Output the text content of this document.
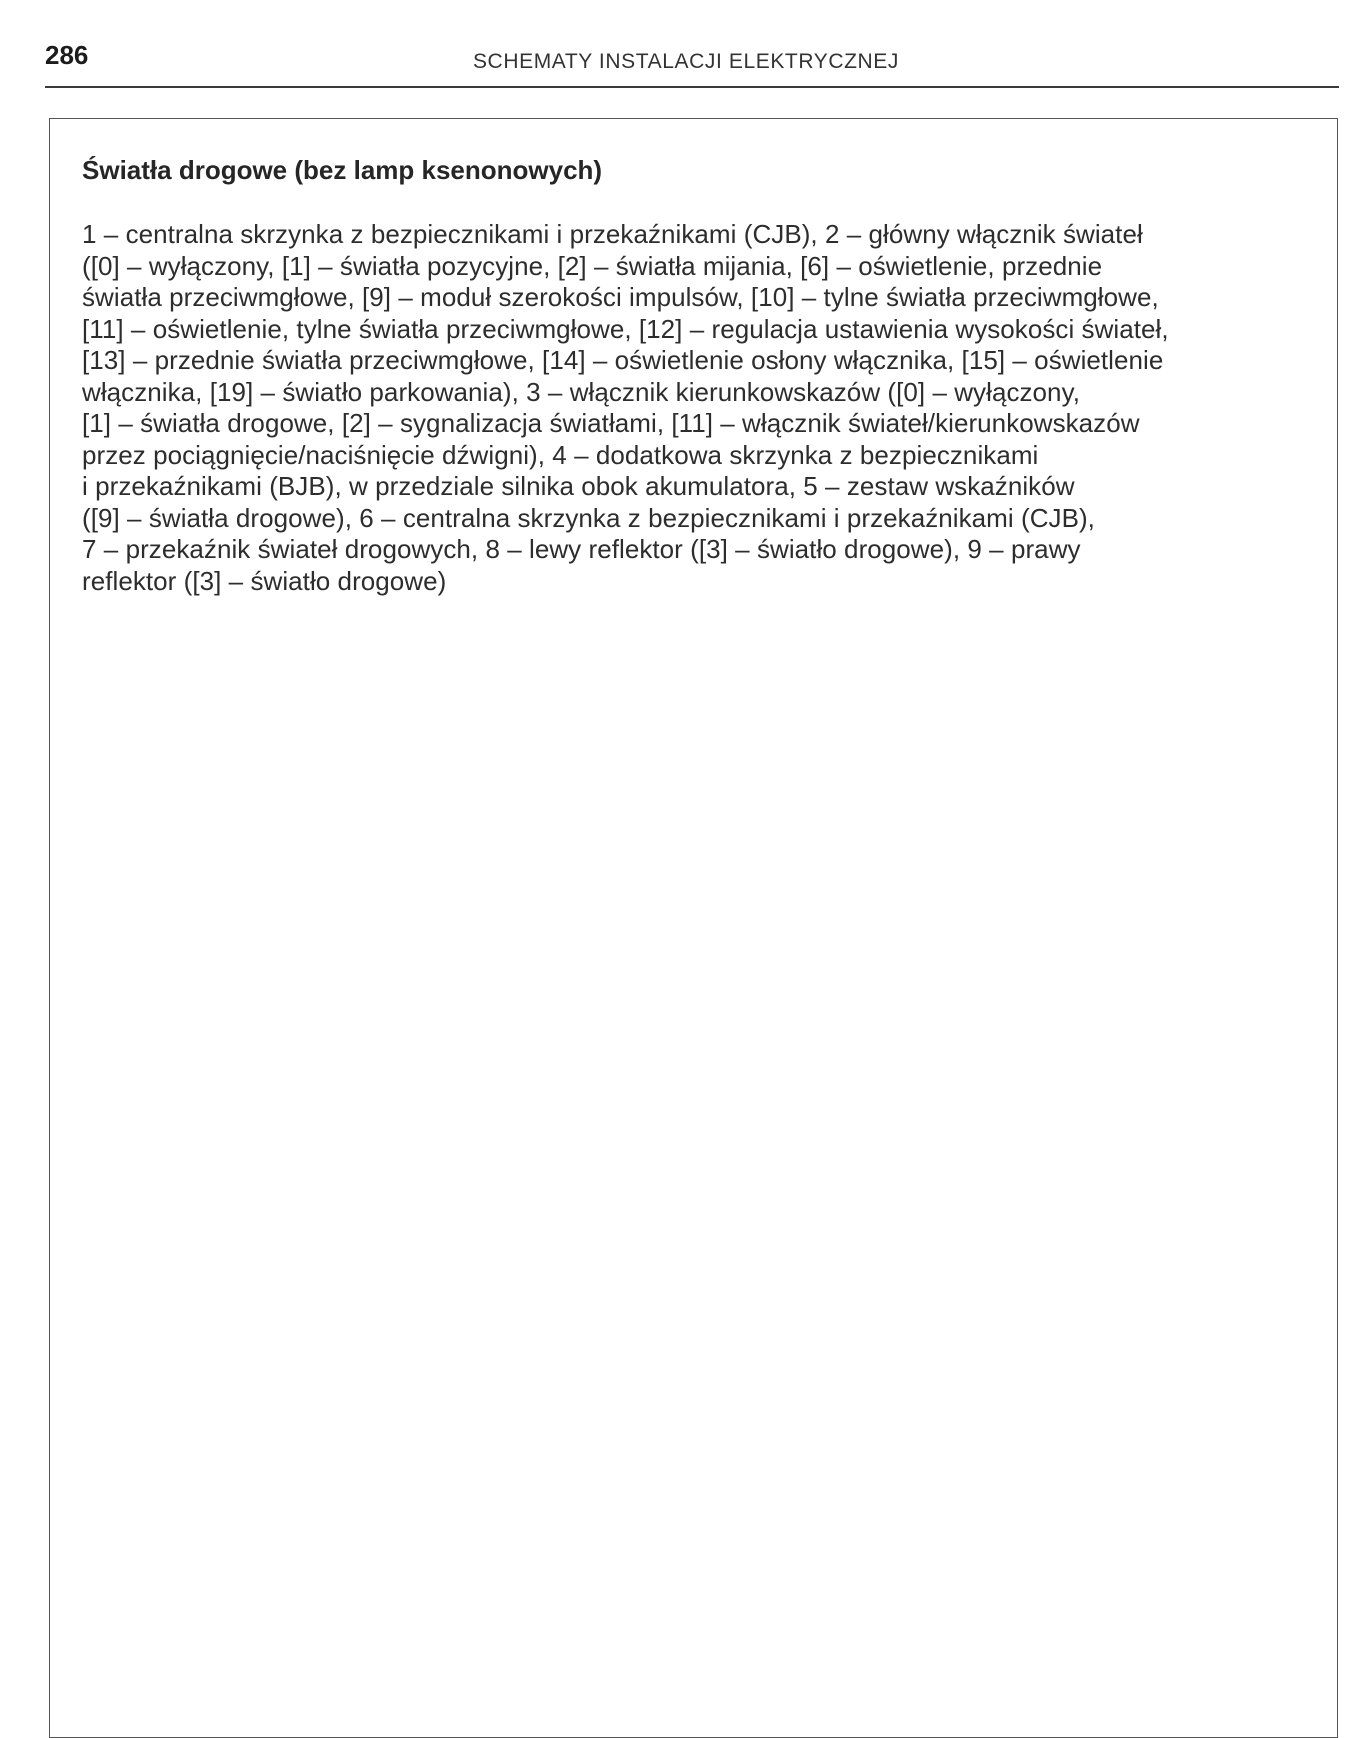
286	SCHEMATY INSTALACJI ELEKTRYCZNEJ
Światła drogowe (bez lamp ksenonowych)

1 – centralna skrzynka z bezpiecznikami i przekaźnikami (CJB), 2 – główny włącznik świateł
([0] – wyłączony, [1] – światła pozycyjne, [2] – światła mijania, [6] – oświetlenie, przednie
światła przeciwmgłowe, [9] – moduł szerokości impulsów, [10] – tylne światła przeciwmgłowe,
[11] – oświetlenie, tylne światła przeciwmgłowe, [12] – regulacja ustawienia wysokości świateł,
[13] – przednie światła przeciwmgłowe, [14] – oświetlenie osłony włącznika, [15] – oświetlenie
włącznika, [19] – światło parkowania), 3 – włącznik kierunkowskazów ([0] – wyłączony,
[1] – światła drogowe, [2] – sygnalizacja światłami, [11] – włącznik świateł/kierunkowskazów
przez pociągnięcie/naciśnięcie dźwigni), 4 – dodatkowa skrzynka z bezpiecznikami
i przekaźnikami (BJB), w przedziale silnika obok akumulatora, 5 – zestaw wskaźników
([9] – światła drogowe), 6 – centralna skrzynka z bezpiecznikami i przekaźnikami (CJB),
7 – przekaźnik świateł drogowych, 8 – lewy reflektor ([3] – światło drogowe), 9 – prawy
reflektor ([3] – światło drogowe)
